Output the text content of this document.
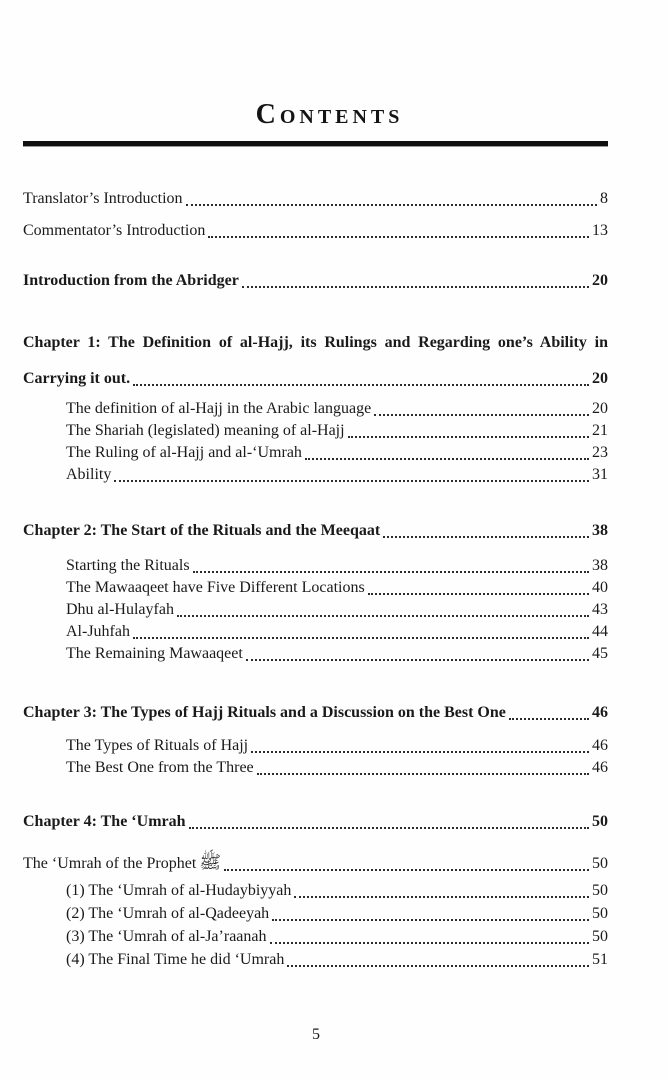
CONTENTS
Translator’s Introduction	8
Commentator’s Introduction	13
Introduction from the Abridger	20
Chapter 1: The Definition of al-Hajj, its Rulings and Regarding one’s Ability in
Carrying it out.	20
The definition of al-Hajj in the Arabic language	20
The Shariah (legislated) meaning of al-Hajj	21
The Ruling of al-Hajj and al-‘Umrah	23
Ability	31
Chapter 2: The Start of the Rituals and the Meeqaat	38
Starting the Rituals	38
The Mawaaqeet have Five Different Locations	40
Dhu al-Hulayfah	43
Al-Juhfah	44
The Remaining Mawaaqeet	45
Chapter 3: The Types of Hajj Rituals and a Discussion on the Best One	46
The Types of Rituals of Hajj	46
The Best One from the Three	46
Chapter 4: The ‘Umrah	50
The ‘Umrah of the Prophet ﷺ	50
(1) The ‘Umrah of al-Hudaybiyyah	50
(2) The ‘Umrah of al-Qadeeyah	50
(3) The ‘Umrah of al-Ja’raanah	50
(4) The Final Time he did ‘Umrah	51
5
